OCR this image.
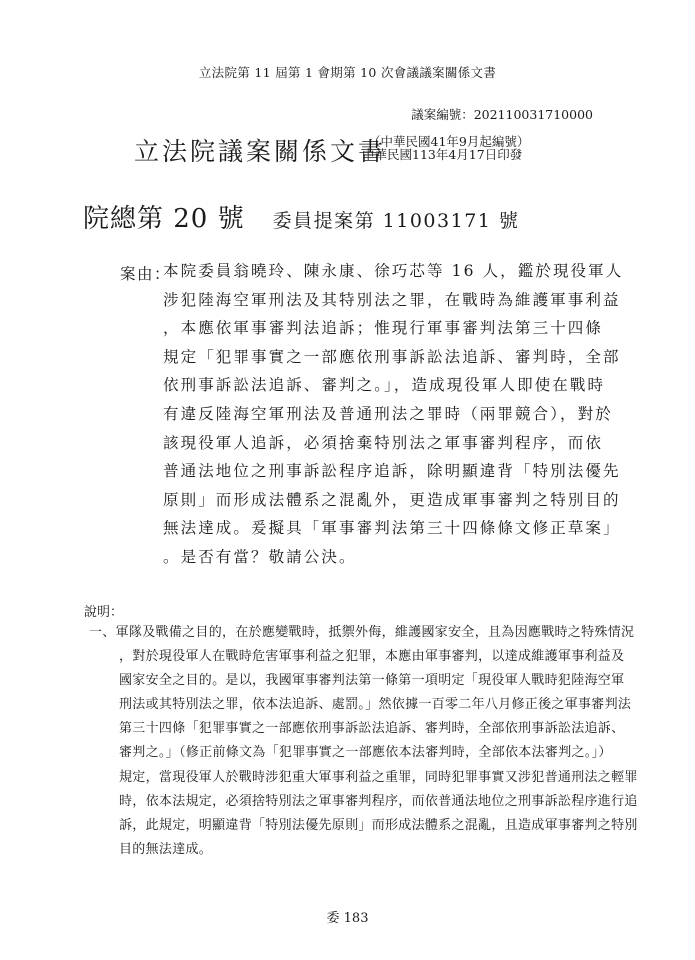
立法院第 11 屆第 1 會期第 10 次會議議案關係文書
議案編號：202110031710000
立法院議案關係文書
（中華民國41年9月起編號）
中華民國113年4月17日印發
院總第 20 號 委員提案第 11003171 號
案由：
本院委員翁曉玲、陳永康、徐巧芯等 16 人，鑑於現役軍人
涉犯陸海空軍刑法及其特別法之罪，在戰時為維護軍事利益
，本應依軍事審判法追訴；惟現行軍事審判法第三十四條
規定「犯罪事實之一部應依刑事訴訟法追訴、審判時，全部
依刑事訴訟法追訴、審判之。」，造成現役軍人即使在戰時
有違反陸海空軍刑法及普通刑法之罪時（兩罪競合），對於
該現役軍人追訴，必須捨棄特別法之軍事審判程序，而依
普通法地位之刑事訴訟程序追訴，除明顯違背「特別法優先
原則」而形成法體系之混亂外，更造成軍事審判之特別目的
無法達成。爰擬具「軍事審判法第三十四條條文修正草案」
。是否有當？敬請公決。
說明：
一、軍隊及戰備之目的，在於應變戰時，抵禦外侮，維護國家安全，且為因應戰時之特殊情況
，對於現役軍人在戰時危害軍事利益之犯罪，本應由軍事審判，以達成維護軍事利益及
國家安全之目的。是以，我國軍事審判法第一條第一項明定「現役軍人戰時犯陸海空軍
刑法或其特別法之罪，依本法追訴、處罰。」然依據一百零二年八月修正後之軍事審判法
第三十四條「犯罪事實之一部應依刑事訴訟法追訴、審判時，全部依刑事訴訟法追訴、
審判之。」（修正前條文為「犯罪事實之一部應依本法審判時，全部依本法審判之。」）
規定，當現役軍人於戰時涉犯重大軍事利益之重罪，同時犯罪事實又涉犯普通刑法之輕罪
時，依本法規定，必須捨特別法之軍事審判程序，而依普通法地位之刑事訴訟程序進行追
訴，此規定，明顯違背「特別法優先原則」而形成法體系之混亂，且造成軍事審判之特別
目的無法達成。
委 183
